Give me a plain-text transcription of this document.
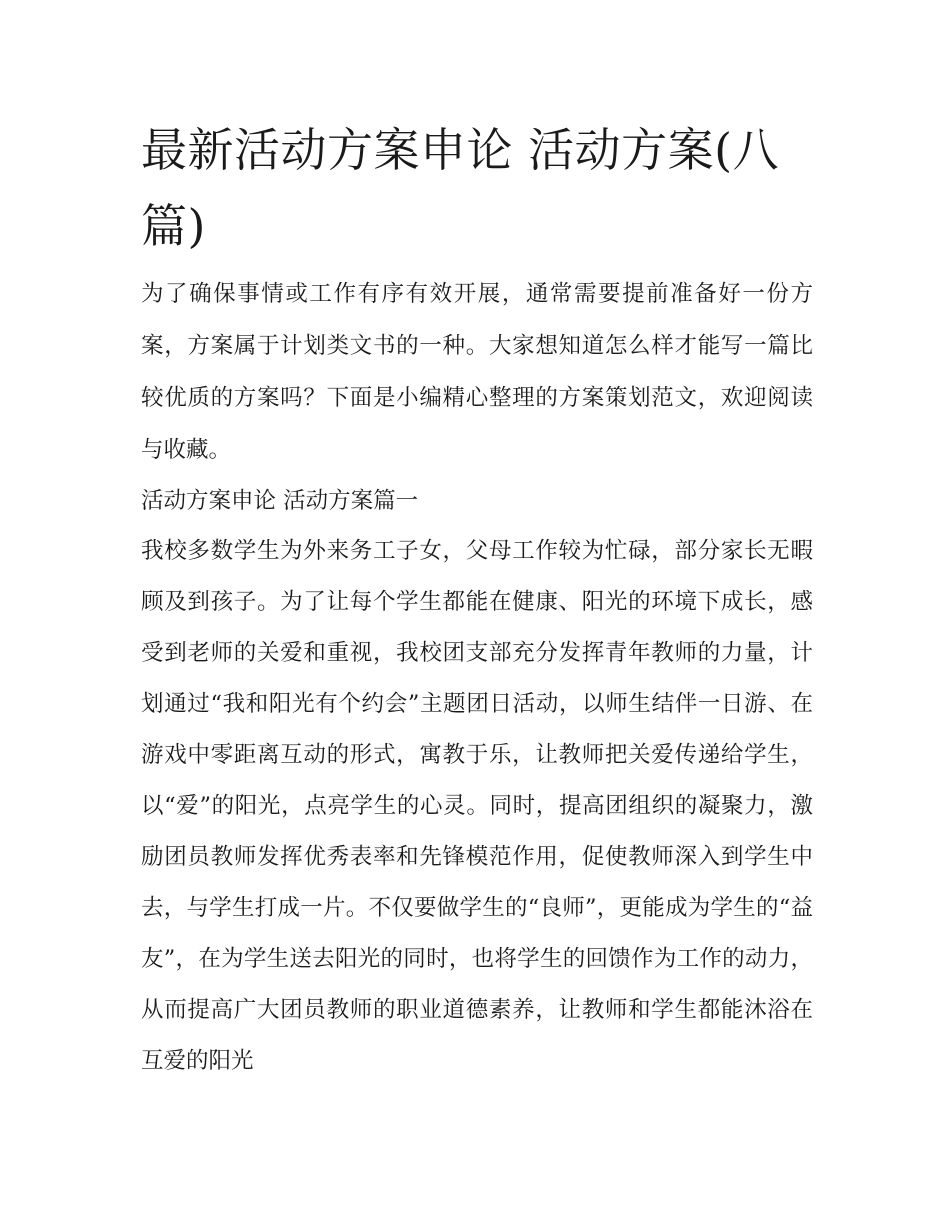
最新活动方案申论 活动方案(八篇)

为了确保事情或工作有序有效开展，通常需要提前准备好一份方案，方案属于计划类文书的一种。大家想知道怎么样才能写一篇比较优质的方案吗？下面是小编精心整理的方案策划范文，欢迎阅读与收藏。

活动方案申论 活动方案篇一

我校多数学生为外来务工子女，父母工作较为忙碌，部分家长无暇顾及到孩子。为了让每个学生都能在健康、阳光的环境下成长，感受到老师的关爱和重视，我校团支部充分发挥青年教师的力量，计划通过“我和阳光有个约会”主题团日活动，以师生结伴一日游、在游戏中零距离互动的形式，寓教于乐，让教师把关爱传递给学生，以“爱”的阳光，点亮学生的心灵。同时，提高团组织的凝聚力，激励团员教师发挥优秀表率和先锋模范作用，促使教师深入到学生中去，与学生打成一片。不仅要做学生的“良师”，更能成为学生的“益友”，在为学生送去阳光的同时，也将学生的回馈作为工作的动力，从而提高广大团员教师的职业道德素养，让教师和学生都能沐浴在互爱的阳光
